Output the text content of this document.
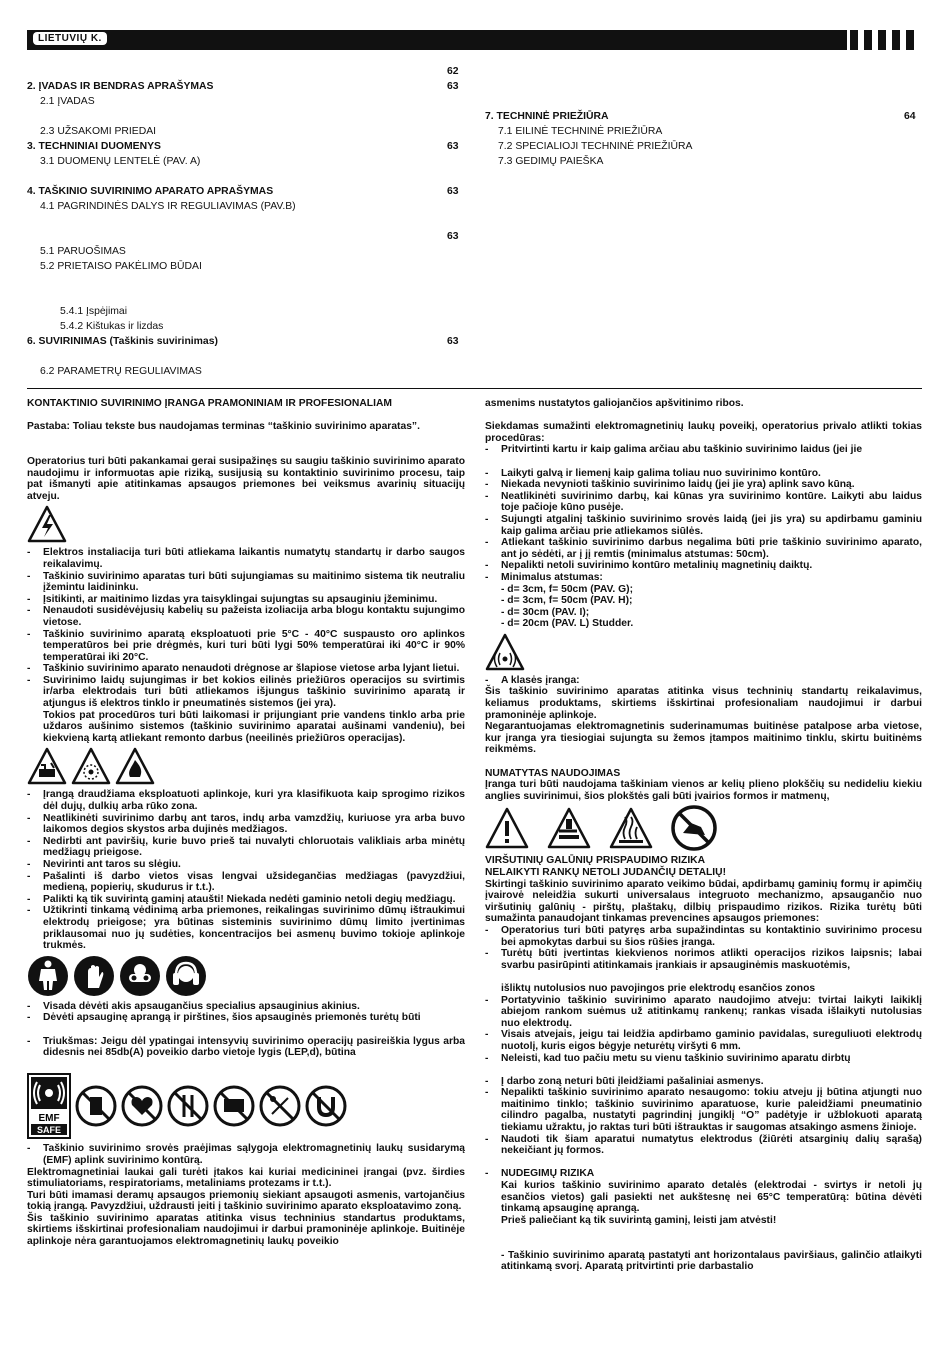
LIETUVIŲ K.
62
2. ĮVADAS IR BENDRAS APRAŠYMAS	63
2.1 ĮVADAS
2.3 UŽSAKOMI PRIEDAI
3. TECHNINIAI DUOMENYS	63
3.1 DUOMENŲ LENTELĖ (PAV. A)
4. TAŠKINIO SUVIRINIMO APARATO APRAŠYMAS	63
4.1 PAGRINDINĖS DALYS IR REGULIAVIMAS (PAV.B)
63
5.1 PARUOŠIMAS
5.2 PRIETAISO PAKĖLIMO BŪDAI
5.4.1 Įspėjimai
5.4.2 Kištukas ir lizdas
6. SUVIRINIMAS (Taškinis suvirinimas)	63
6.2 PARAMETRŲ REGULIAVIMAS
7. TECHNINĖ PRIEŽIŪRA	64
7.1 EILINĖ TECHNINĖ PRIEŽIŪRA
7.2 SPECIALIOJI TECHNINĖ PRIEŽIŪRA
7.3 GEDIMŲ PAIEŠKA

KONTAKTINIO SUVIRINIMO ĮRANGA PRAMONINIAM IR PROFESIONALIAM

Pastaba: Toliau tekste bus naudojamas terminas “taškinio suvirinimo aparatas”.

Operatorius turi būti pakankamai gerai susipažinęs su saugiu taškinio suvirinimo aparato naudojimu ir informuotas apie riziką, susijusią su kontaktinio suvirinimo procesu, taip pat išmanyti apie atitinkamas apsaugos priemones bei veiksmus avarinių situacijų atveju.

- Elektros instaliacija turi būti atliekama laikantis numatytų standartų ir darbo saugos reikalavimų.

- Taškinio suvirinimo aparatas turi būti sujungiamas su maitinimo sistema tik neutraliu įžemintu laidininku.

- Įsitikinti, ar maitinimo lizdas yra taisyklingai sujungtas su apsauginiu įžeminimu.

- Nenaudoti susidėvėjusių kabelių su pažeista izoliacija arba blogu kontaktu sujungimo vietose.

- Taškinio suvirinimo aparatą eksploatuoti prie 5°C - 40°C suspausto oro aplinkos temperatūros bei prie drėgmės, kuri turi būti lygi 50% temperatūrai iki 40°C ir 90% temperatūrai iki 20°C.

- Taškinio suvirinimo aparato nenaudoti drėgnose ar šlapiose vietose arba lyjant lietui.

- Suvirinimo laidų sujungimas ir bet kokios eilinės priežiūros operacijos su svirtimis ir/arba elektrodais turi būti atliekamos išjungus taškinio suvirinimo aparatą ir atjungus iš elektros tinklo ir pneumatinės sistemos (jei yra).

Tokios pat procedūros turi būti laikomasi ir prijungiant prie vandens tinklo arba prie uždaros aušinimo sistemos (taškinio suvirinimo aparatai aušinami vandeniu), bei kiekvieną kartą atliekant remonto darbus (neeilinės priežiūros operacijas).

- Įrangą draudžiama eksploatuoti aplinkoje, kuri yra klasifikuota kaip sprogimo rizikos dėl dujų, dulkių arba rūko zona.

- Neatlikinėti suvirinimo darbų ant taros, indų arba vamzdžių, kuriuose yra arba buvo laikomos degios skystos arba dujinės medžiagos.

- Nedirbti ant paviršių, kurie buvo prieš tai nuvalyti chloruotais valikliais arba minėtų medžiagų prieigose.

- Nevirinti ant taros su slėgiu.

- Pašalinti iš darbo vietos visas lengvai užsidegančias medžiagas (pavyzdžiui, medieną, popierių, skudurus ir t.t.).

- Palikti ką tik suvirintą gaminį ataušti! Niekada nedėti gaminio netoli degių medžiagų.

- Užtikrinti tinkamą vėdinimą arba priemones, reikalingas suvirinimo dūmų ištraukimui elektrodų prieigose; yra būtinas sisteminis suvirinimo dūmų limito įvertinimas priklausomai nuo jų sudėties, koncentracijos bei asmenų buvimo tokioje aplinkoje trukmės.

- Visada dėvėti akis apsaugančius specialius apsauginius akinius.

- Dėvėti apsauginę aprangą ir pirštines, šios apsauginės priemonės turėtų būti

- Triukšmas: Jeigu dėl ypatingai intensyvių suvirinimo operacijų pasireiškia lygus arba didesnis nei 85db(A) poveikio darbo vietoje lygis (LEP,d), būtina

EMF
SAFE

- Taškinio suvirinimo srovės praėjimas sąlygoja elektromagnetinių laukų susidarymą (EMF) aplink suvirinimo kontūrą.

Elektromagnetiniai laukai gali turėti įtakos kai kuriai medicininei įrangai (pvz. širdies stimuliatoriams, respiratoriams, metaliniams protezams ir t.t.).

Turi būti imamasi deramų apsaugos priemonių siekiant apsaugoti asmenis, vartojančius tokią įrangą. Pavyzdžiui, uždrausti įeiti į taškinio suvirinimo aparato eksploatavimo zoną.

Šis taškinio suvirinimo aparatas atitinka visus techninius standartus produktams, skirtiems išskirtinai profesionaliam naudojimui ir darbui pramoninėje aplinkoje. Buitinėje aplinkoje nėra garantuojamos elektromagnetinių laukų poveikio

asmenims nustatytos galiojančios apšvitinimo ribos.

Siekdamas sumažinti elektromagnetinių laukų poveikį, operatorius privalo atlikti tokias procedūras:

- Pritvirtinti kartu ir kaip galima arčiau abu taškinio suvirinimo laidus (jei jie

- Laikyti galvą ir liemenį kaip galima toliau nuo suvirinimo kontūro.

- Niekada nevynioti taškinio suvirinimo laidų (jei jie yra) aplink savo kūną.

- Neatlikinėti suvirinimo darbų, kai kūnas yra suvirinimo kontūre. Laikyti abu laidus toje pačioje kūno pusėje.

- Sujungti atgalinį taškinio suvirinimo srovės laidą (jei jis yra) su apdirbamu gaminiu kaip galima arčiau prie atliekamos siūlės.

- Atliekant taškinio suvirinimo darbus negalima būti prie taškinio suvirinimo aparato, ant jo sėdėti, ar į jį remtis (minimalus atstumas: 50cm).

- Nepalikti netoli suvirinimo kontūro metalinių magnetinių daiktų.

- Minimalus atstumas:

- d= 3cm, f= 50cm (PAV. G);

- d= 3cm, f= 50cm (PAV. H);

- d= 30cm (PAV. I);

- d= 20cm (PAV. L) Studder.

- A klasės įranga:

Šis taškinio suvirinimo aparatas atitinka visus techninių standartų reikalavimus, keliamus produktams, skirtiems išskirtinai profesionaliam naudojimui ir darbui pramoninėje aplinkoje.

Negarantuojamas elektromagnetinis suderinamumas buitinėse patalpose arba vietose, kur įranga yra tiesiogiai sujungta su žemos įtampos maitinimo tinklu, skirtu buitinėms reikmėms.

NUMATYTAS NAUDOJIMAS

Įranga turi būti naudojama taškiniam vienos ar kelių plieno plokščių su nedideliu kiekiu anglies suvirinimui, šios plokštės gali būti įvairios formos ir matmenų,

VIRŠUTINIŲ GALŪNIŲ PRISPAUDIMO RIZIKA

NELAIKYTI RANKŲ NETOLI JUDANČIŲ DETALIŲ!

Skirtingi taškinio suvirinimo aparato veikimo būdai, apdirbamų gaminių formų ir apimčių įvairovė neleidžia sukurti universalaus integruoto mechanizmo, apsaugančio nuo viršutinių galūnių - pirštų, plaštakų, dilbių prispaudimo rizikos. Rizika turėtų būti sumažinta panaudojant tinkamas prevencines apsaugos priemones:

- Operatorius turi būti patyręs arba supažindintas su kontaktinio suvirinimo procesu bei apmokytas darbui su šios rūšies įranga.

- Turėtų būti įvertintas kiekvienos norimos atlikti operacijos rizikos laipsnis; labai svarbu pasirūpinti atitinkamais įrankiais ir apsauginėmis maskuotėmis,

išliktų nutolusios nuo pavojingos prie elektrodų esančios zonos

- Portatyvinio taškinio suvirinimo aparato naudojimo atveju: tvirtai laikyti laikiklį abiejom rankom suėmus už atitinkamų rankenų; rankas visada išlaikyti nutolusias nuo elektrodų.

- Visais atvejais, jeigu tai leidžia apdirbamo gaminio pavidalas, sureguliuoti elektrodų nuotolį, kuris eigos bėgyje neturėtų viršyti 6 mm.

- Neleisti, kad tuo pačiu metu su vienu taškinio suvirinimo aparatu dirbtų

- Į darbo zoną neturi būti įleidžiami pašaliniai asmenys.

- Nepalikti taškinio suvirinimo aparato nesaugomo: tokiu atveju jį būtina atjungti nuo maitinimo tinklo; taškinio suvirinimo aparatuose, kurie paleidžiami pneumatinio cilindro pagalba, nustatyti pagrindinį jungiklį “O” padėtyje ir užblokuoti aparatą tiekiamu užraktu, jo raktas turi būti ištrauktas ir saugomas atsakingo asmens žinioje.

- Naudoti tik šiam aparatui numatytus elektrodus (žiūrėti atsarginių dalių sąrašą) nekeičiant jų formos.

- NUDEGIMŲ RIZIKA

Kai kurios taškinio suvirinimo aparato detalės (elektrodai - svirtys ir netoli jų esančios vietos) gali pasiekti net aukštesnę nei 65°C temperatūrą: būtina dėvėti tinkamą apsauginę aprangą.

Prieš paliečiant ką tik suvirintą gaminį, leisti jam atvėsti!

- Taškinio suvirinimo aparatą pastatyti ant horizontalaus paviršiaus, galinčio atlaikyti atitinkamą svorį. Aparatą pritvirtinti prie darbastalio
